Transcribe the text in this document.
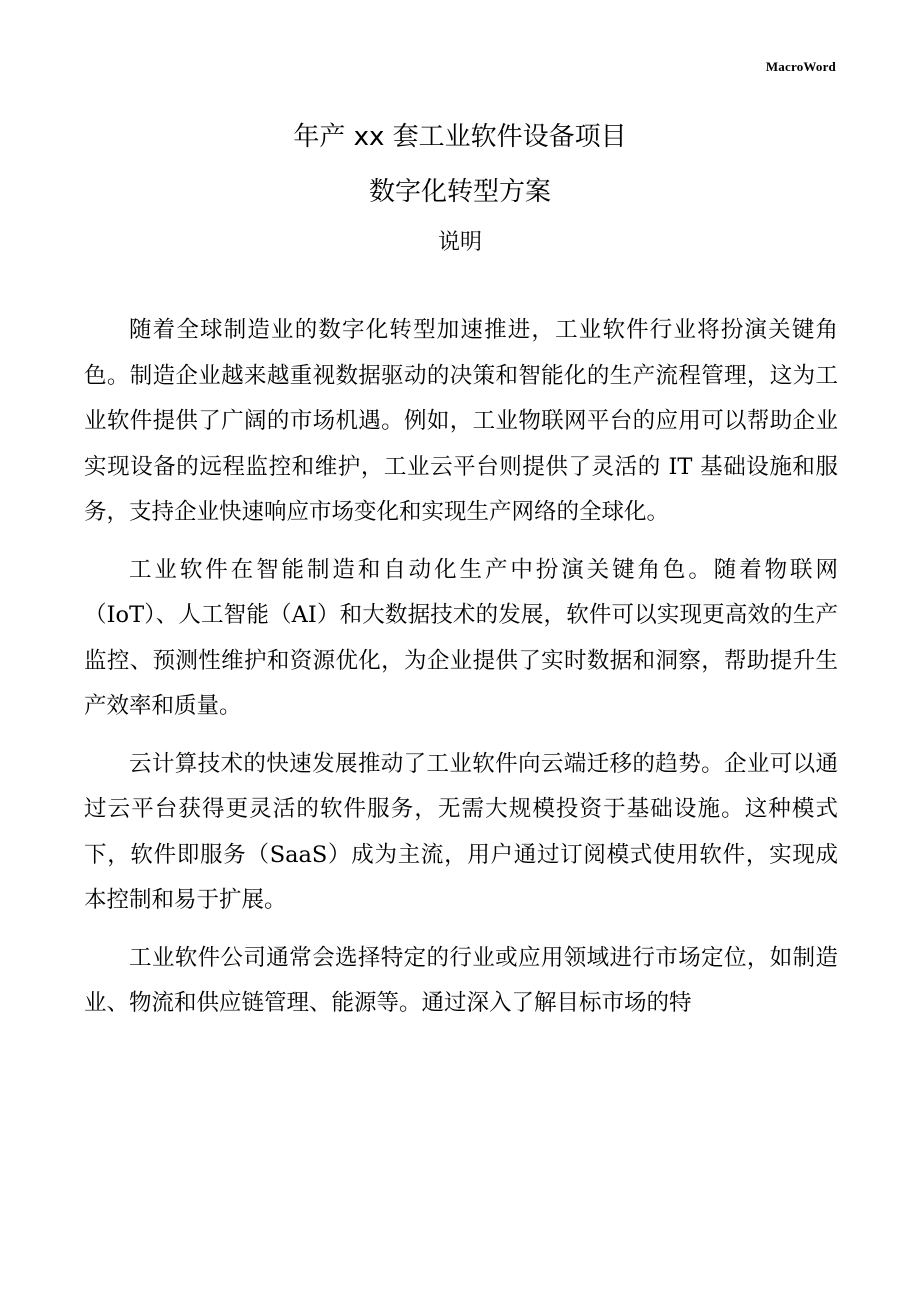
MacroWord
年产 xx 套工业软件设备项目
数字化转型方案
说明

随着全球制造业的数字化转型加速推进，工业软件行业将扮演关键角色。制造企业越来越重视数据驱动的决策和智能化的生产流程管理，这为工业软件提供了广阔的市场机遇。例如，工业物联网平台的应用可以帮助企业实现设备的远程监控和维护，工业云平台则提供了灵活的 IT 基础设施和服务，支持企业快速响应市场变化和实现生产网络的全球化。

工业软件在智能制造和自动化生产中扮演关键角色。随着物联网（IoT）、人工智能（AI）和大数据技术的发展，软件可以实现更高效的生产监控、预测性维护和资源优化，为企业提供了实时数据和洞察，帮助提升生产效率和质量。

云计算技术的快速发展推动了工业软件向云端迁移的趋势。企业可以通过云平台获得更灵活的软件服务，无需大规模投资于基础设施。这种模式下，软件即服务（SaaS）成为主流，用户通过订阅模式使用软件，实现成本控制和易于扩展。

工业软件公司通常会选择特定的行业或应用领域进行市场定位，如制造业、物流和供应链管理、能源等。通过深入了解目标市场的特
